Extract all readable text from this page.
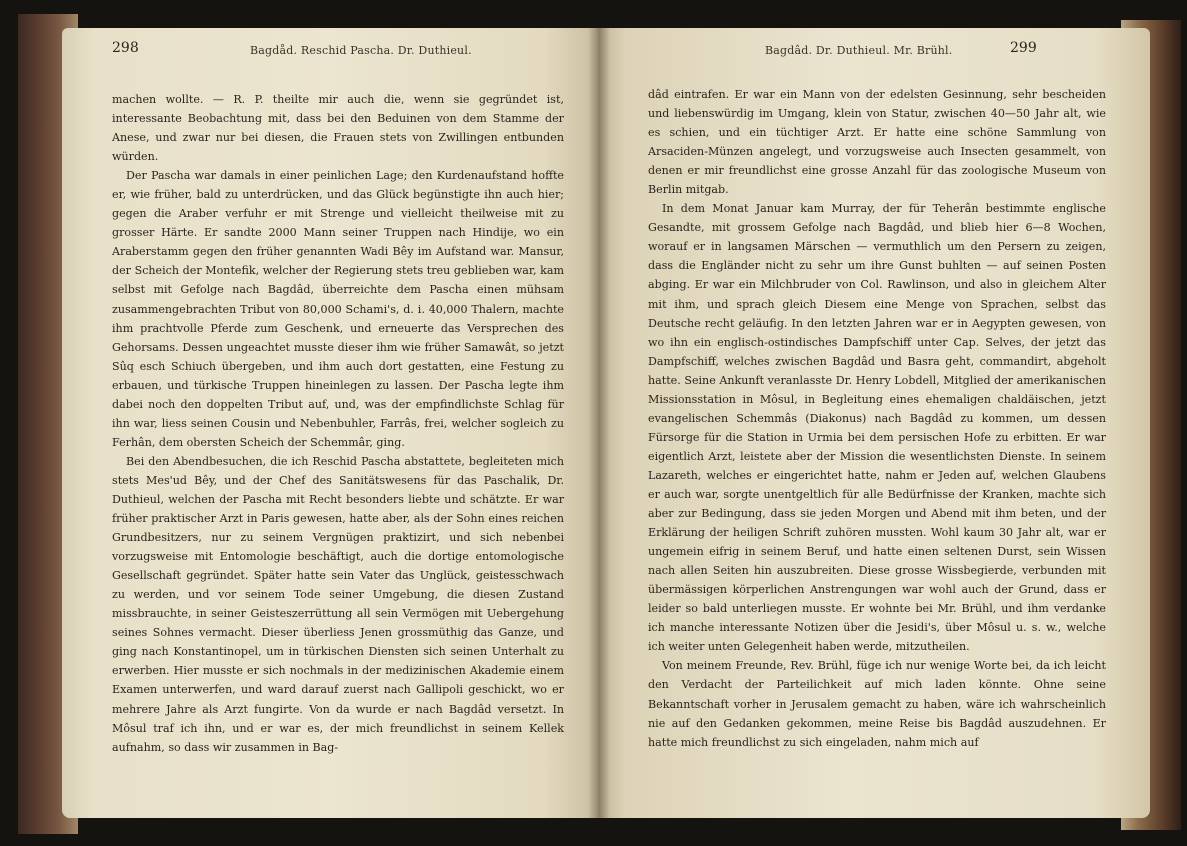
298	Bagdåd. Reschid Pascha. Dr. Duthieul.

machen wollte. — R. P. theilte mir auch die, wenn sie gegründet ist, interessante Beobachtung mit, dass bei den Beduinen von dem Stamme der Anese, und zwar nur bei diesen, die Frauen stets von Zwillingen entbunden würden.

Der Pascha war damals in einer peinlichen Lage; den Kurdenaufstand hoffte er, wie früher, bald zu unterdrücken, und das Glück begünstigte ihn auch hier; gegen die Araber verfuhr er mit Strenge und vielleicht theilweise mit zu grosser Härte. Er sandte 2000 Mann seiner Truppen nach Hindije, wo ein Araberstamm gegen den früher genannten Wadi Bêy im Aufstand war. Mansur, der Scheich der Montefik, welcher der Regierung stets treu geblieben war, kam selbst mit Gefolge nach Bagdâd, überreichte dem Pascha einen mühsam zusammengebrachten Tribut von 80,000 Schami's, d. i. 40,000 Thalern, machte ihm prachtvolle Pferde zum Geschenk, und erneuerte das Versprechen des Gehorsams. Dessen ungeachtet musste dieser ihm wie früher Samawât, so jetzt Sûq esch Schiuch übergeben, und ihm auch dort gestatten, eine Festung zu erbauen, und türkische Truppen hineinlegen zu lassen. Der Pascha legte ihm dabei noch den doppelten Tribut auf, und, was der empfindlichste Schlag für ihn war, liess seinen Cousin und Nebenbuhler, Farrâs, frei, welcher sogleich zu Ferhân, dem obersten Scheich der Schemmâr, ging.

Bei den Abendbesuchen, die ich Reschid Pascha abstattete, begleiteten mich stets Mes'ud Bêy, und der Chef des Sanitätswesens für das Paschalik, Dr. Duthieul, welchen der Pascha mit Recht besonders liebte und schätzte. Er war früher praktischer Arzt in Paris gewesen, hatte aber, als der Sohn eines reichen Grundbesitzers, nur zu seinem Vergnügen praktizirt, und sich nebenbei vorzugsweise mit Entomologie beschäftigt, auch die dortige entomologische Gesellschaft gegründet. Später hatte sein Vater das Unglück, geistesschwach zu werden, und vor seinem Tode seiner Umgebung, die diesen Zustand missbrauchte, in seiner Geisteszerrüttung all sein Vermögen mit Uebergehung seines Sohnes vermacht. Dieser überliess Jenen grossmüthig das Ganze, und ging nach Konstantinopel, um in türkischen Diensten sich seinen Unterhalt zu erwerben. Hier musste er sich nochmals in der medizinischen Akademie einem Examen unterwerfen, und ward darauf zuerst nach Gallipoli geschickt, wo er mehrere Jahre als Arzt fungirte. Von da wurde er nach Bagdâd versetzt. In Môsul traf ich ihn, und er war es, der mich freundlichst in seinem Kellek aufnahm, so dass wir zusammen in Bag-

Bagdâd. Dr. Duthieul. Mr. Brühl.	299

dâd eintrafen. Er war ein Mann von der edelsten Gesinnung, sehr bescheiden und liebenswürdig im Umgang, klein von Statur, zwischen 40—50 Jahr alt, wie es schien, und ein tüchtiger Arzt. Er hatte eine schöne Sammlung von Arsaciden-Münzen angelegt, und vorzugsweise auch Insecten gesammelt, von denen er mir freundlichst eine grosse Anzahl für das zoologische Museum von Berlin mitgab.

In dem Monat Januar kam Murray, der für Teherân bestimmte englische Gesandte, mit grossem Gefolge nach Bagdâd, und blieb hier 6—8 Wochen, worauf er in langsamen Märschen — vermuthlich um den Persern zu zeigen, dass die Engländer nicht zu sehr um ihre Gunst buhlten — auf seinen Posten abging. Er war ein Milchbruder von Col. Rawlinson, und also in gleichem Alter mit ihm, und sprach gleich Diesem eine Menge von Sprachen, selbst das Deutsche recht geläufig. In den letzten Jahren war er in Aegypten gewesen, von wo ihn ein englisch-ostindisches Dampfschiff unter Cap. Selves, der jetzt das Dampfschiff, welches zwischen Bagdâd und Basra geht, commandirt, abgeholt hatte. Seine Ankunft veranlasste Dr. Henry Lobdell, Mitglied der amerikanischen Missionsstation in Môsul, in Begleitung eines ehemaligen chaldäischen, jetzt evangelischen Schemmâs (Diakonus) nach Bagdâd zu kommen, um dessen Fürsorge für die Station in Urmia bei dem persischen Hofe zu erbitten. Er war eigentlich Arzt, leistete aber der Mission die wesentlichsten Dienste. In seinem Lazareth, welches er eingerichtet hatte, nahm er Jeden auf, welchen Glaubens er auch war, sorgte unentgeltlich für alle Bedürfnisse der Kranken, machte sich aber zur Bedingung, dass sie jeden Morgen und Abend mit ihm beten, und der Erklärung der heiligen Schrift zuhören mussten. Wohl kaum 30 Jahr alt, war er ungemein eifrig in seinem Beruf, und hatte einen seltenen Durst, sein Wissen nach allen Seiten hin auszubreiten. Diese grosse Wissbegierde, verbunden mit übermässigen körperlichen Anstrengungen war wohl auch der Grund, dass er leider so bald unterliegen musste. Er wohnte bei Mr. Brühl, und ihm verdanke ich manche interessante Notizen über die Jesidi's, über Môsul u. s. w., welche ich weiter unten Gelegenheit haben werde, mitzutheilen.

Von meinem Freunde, Rev. Brühl, füge ich nur wenige Worte bei, da ich leicht den Verdacht der Parteilichkeit auf mich laden könnte. Ohne seine Bekanntschaft vorher in Jerusalem gemacht zu haben, wäre ich wahrscheinlich nie auf den Gedanken gekommen, meine Reise bis Bagdâd auszudehnen. Er hatte mich freundlichst zu sich eingeladen, nahm mich auf
